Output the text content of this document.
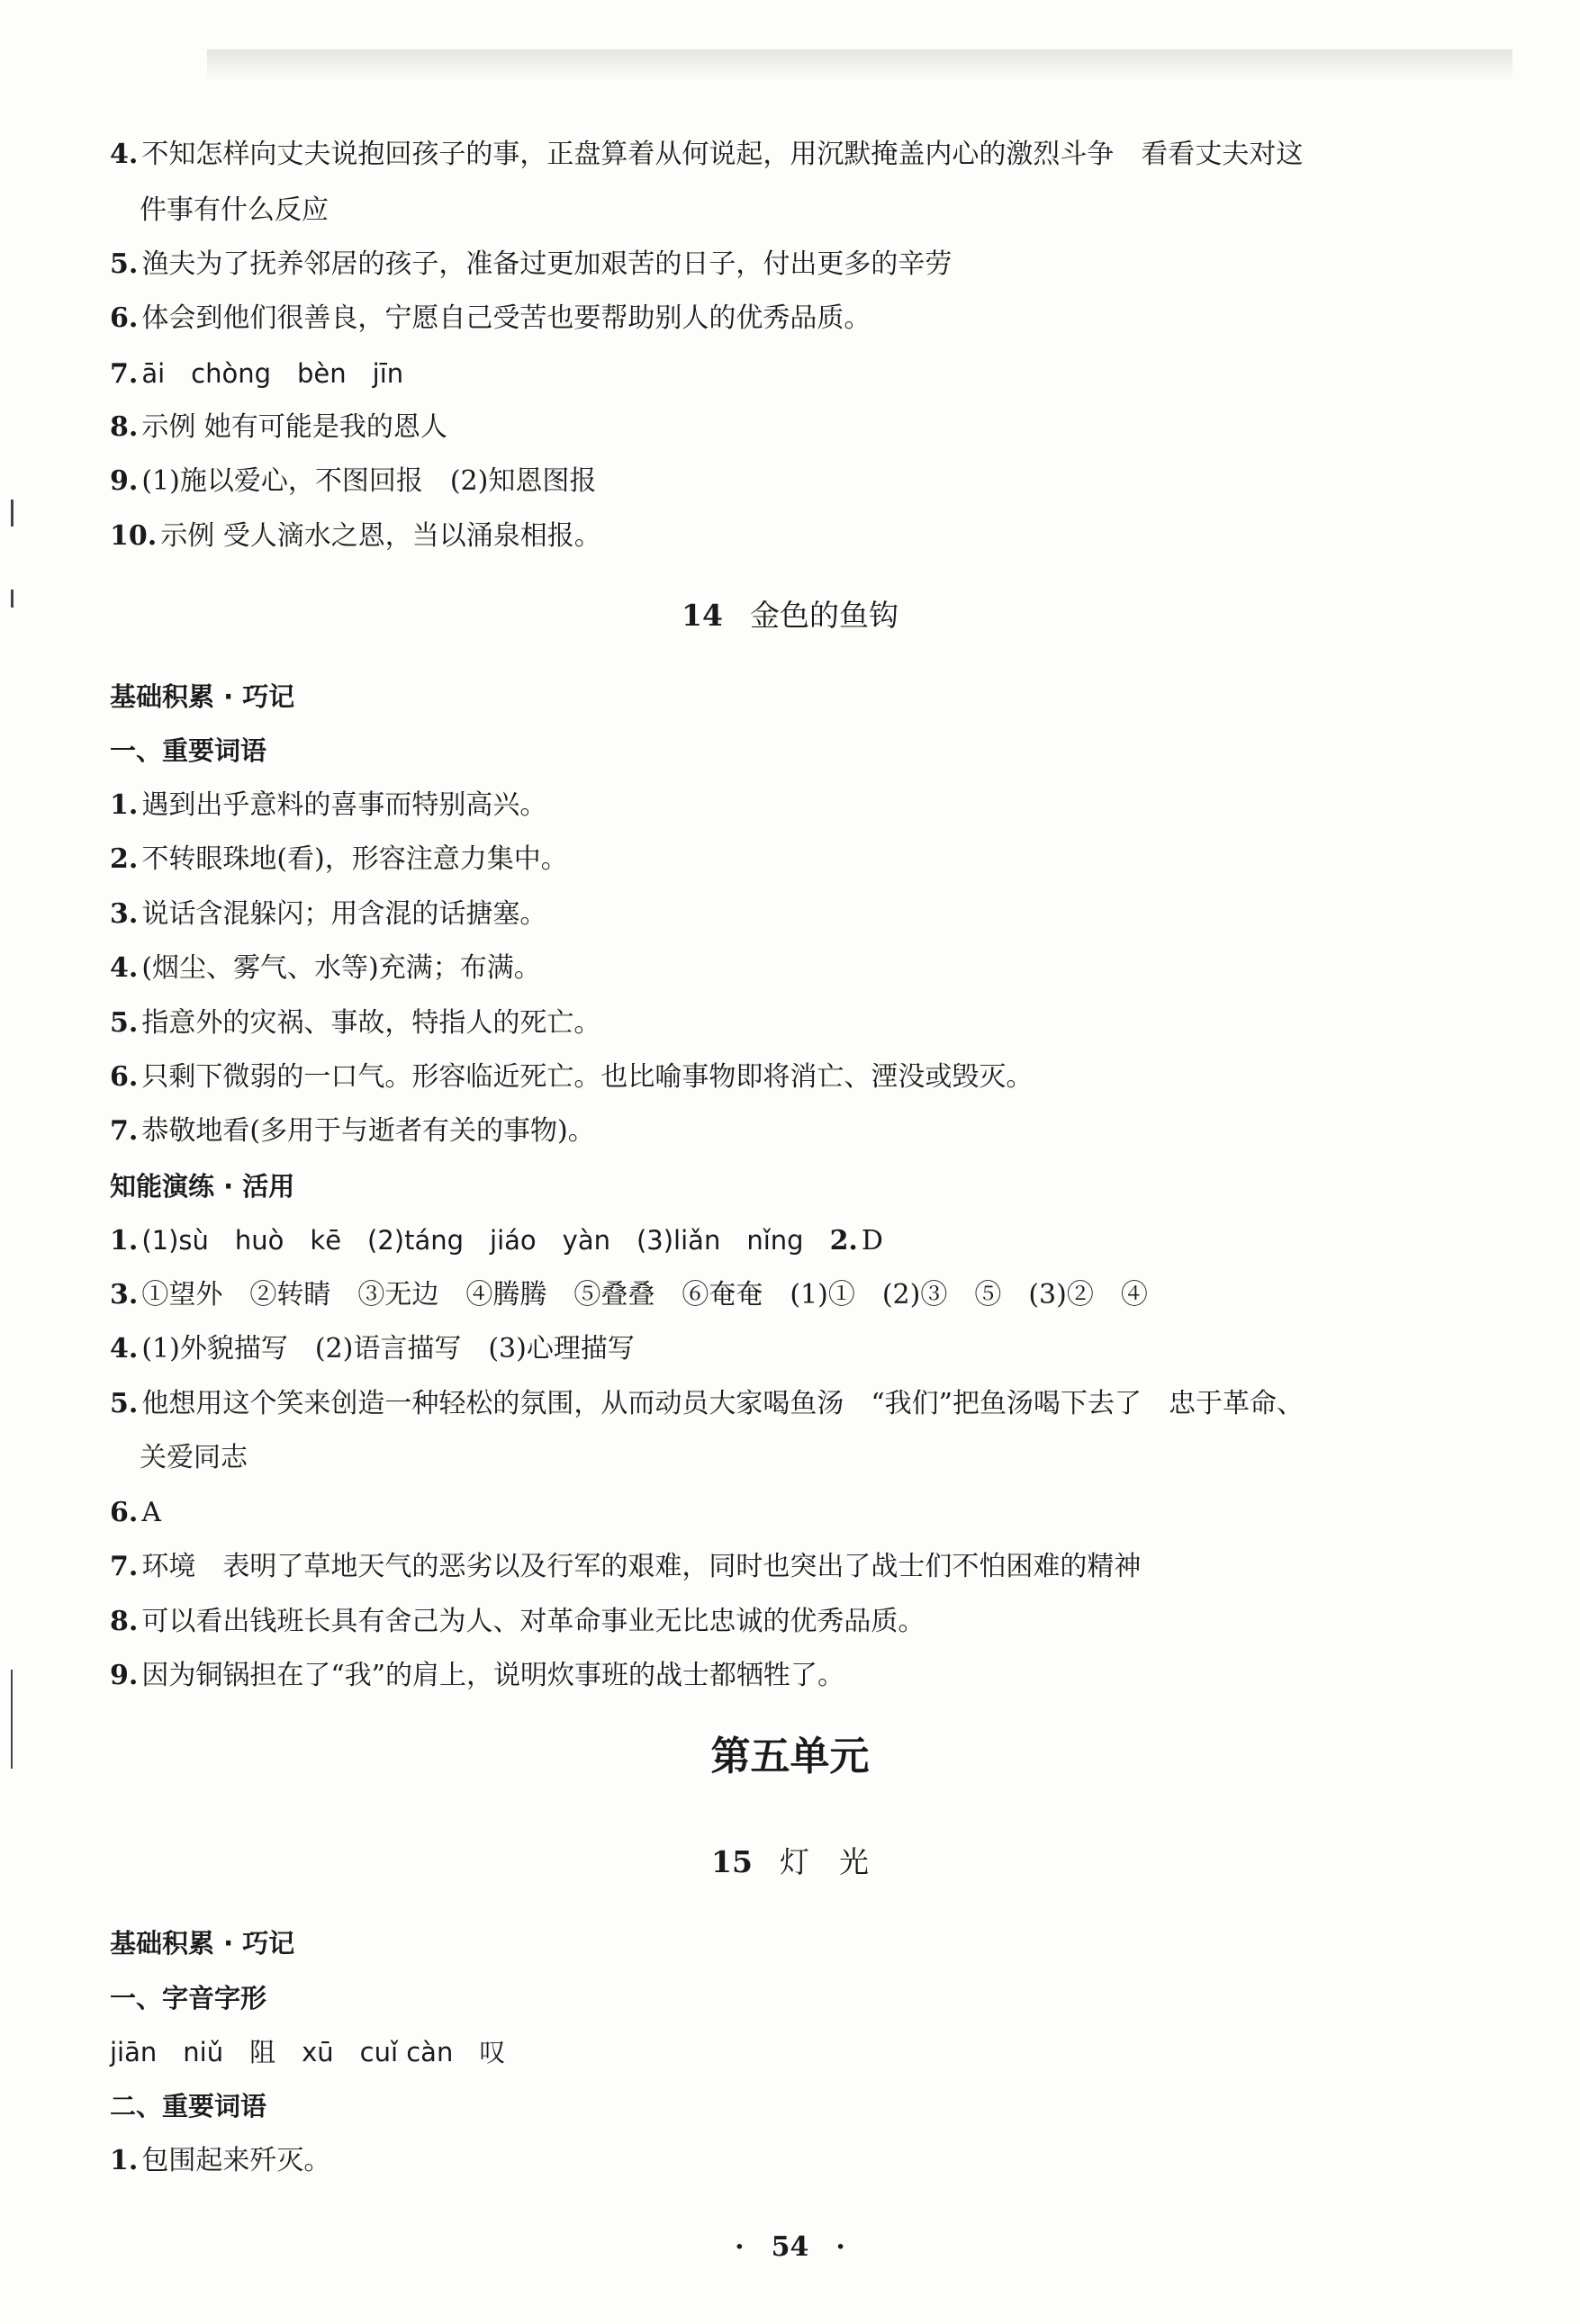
4. 不知怎样向丈夫说抱回孩子的事，正盘算着从何说起，用沉默掩盖内心的激烈斗争　看看丈夫对这
件事有什么反应
5. 渔夫为了抚养邻居的孩子，准备过更加艰苦的日子，付出更多的辛劳
6. 体会到他们很善良，宁愿自己受苦也要帮助别人的优秀品质。
7. āi　chòng　bèn　jīn
8. 示例 她有可能是我的恩人
9. (1)施以爱心，不图回报　(2)知恩图报
10. 示例 受人滴水之恩，当以涌泉相报。
14 金色的鱼钩
基础积累 · 巧记
一、重要词语
1. 遇到出乎意料的喜事而特别高兴。
2. 不转眼珠地(看)，形容注意力集中。
3. 说话含混躲闪；用含混的话搪塞。
4. (烟尘、雾气、水等)充满；布满。
5. 指意外的灾祸、事故，特指人的死亡。
6. 只剩下微弱的一口气。形容临近死亡。也比喻事物即将消亡、湮没或毁灭。
7. 恭敬地看(多用于与逝者有关的事物)。
知能演练 · 活用
1. (1)sù　huò　kē　(2)táng　jiáo　yàn　(3)liǎn　nǐng　2. D
3. ①望外　②转睛　③无边　④腾腾　⑤叠叠　⑥奄奄　(1)①　(2)③　⑤　(3)②　④
4. (1)外貌描写　(2)语言描写　(3)心理描写
5. 他想用这个笑来创造一种轻松的氛围，从而动员大家喝鱼汤　“我们”把鱼汤喝下去了　忠于革命、
关爱同志
6. A
7. 环境　表明了草地天气的恶劣以及行军的艰难，同时也突出了战士们不怕困难的精神
8. 可以看出钱班长具有舍己为人、对革命事业无比忠诚的优秀品质。
9. 因为铜锅担在了“我”的肩上，说明炊事班的战士都牺牲了。
第五单元
15 灯　光
基础积累 · 巧记
一、字音字形
jiān　niǔ　阻　xū　cuǐ càn　叹
二、重要词语
1. 包围起来歼灭。
·　54　·
